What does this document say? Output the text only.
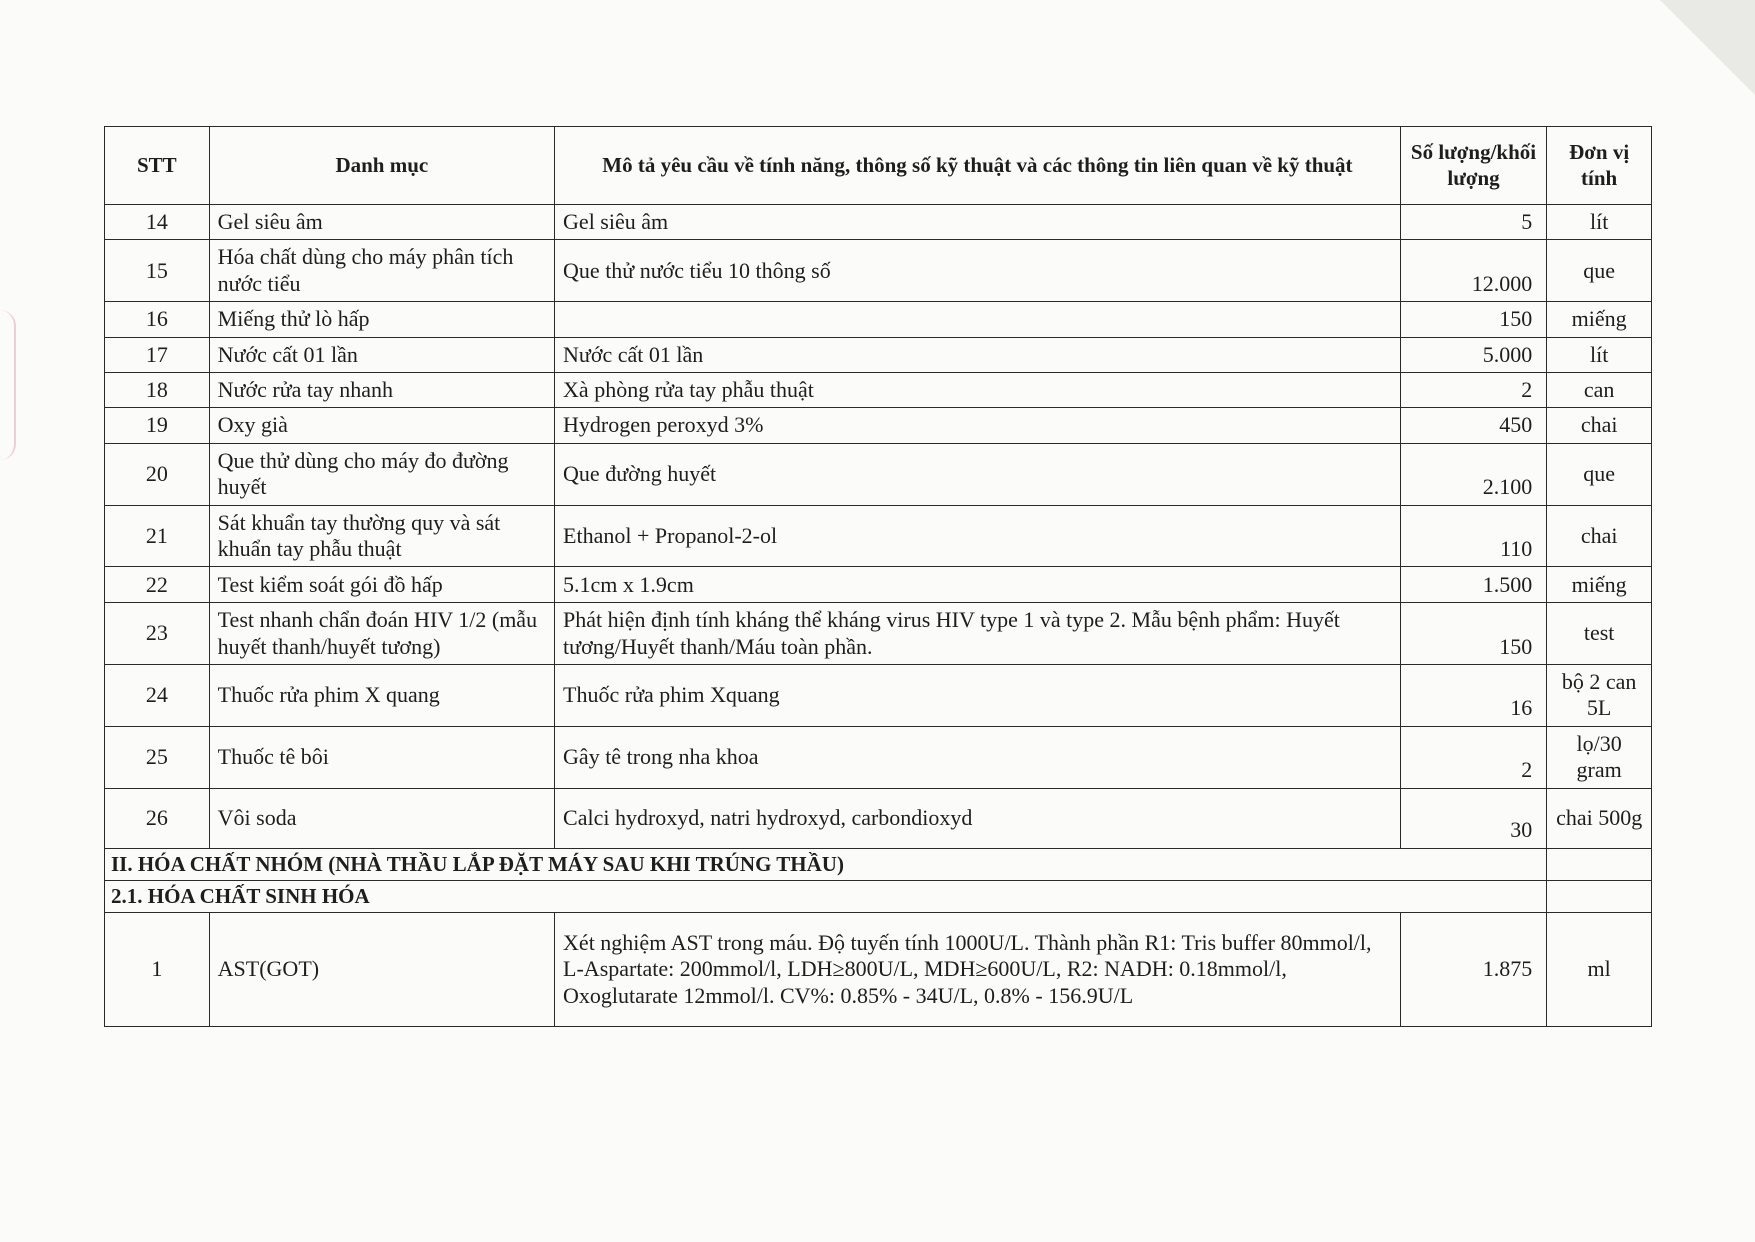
STT	Danh mục	Mô tả yêu cầu về tính năng, thông số kỹ thuật và các thông tin liên quan về kỹ thuật	Số lượng/khối lượng	Đơn vị tính
14	Gel siêu âm	Gel siêu âm	5	lít
15	Hóa chất dùng cho máy phân tích nước tiểu	Que thử nước tiểu 10 thông số	12.000	que
16	Miếng thử lò hấp		150	miếng
17	Nước cất 01 lần	Nước cất 01 lần	5.000	lít
18	Nước rửa tay nhanh	Xà phòng rửa tay phẫu thuật	2	can
19	Oxy già	Hydrogen peroxyd 3%	450	chai
20	Que thử dùng cho máy đo đường huyết	Que đường huyết	2.100	que
21	Sát khuẩn tay thường quy và sát khuẩn tay phẫu thuật	Ethanol + Propanol-2-ol	110	chai
22	Test kiểm soát gói đồ hấp	5.1cm x 1.9cm	1.500	miếng
23	Test nhanh chẩn đoán HIV 1/2 (mẫu huyết thanh/huyết tương)	Phát hiện định tính kháng thể kháng virus HIV type 1 và type 2. Mẫu bệnh phẩm: Huyết tương/Huyết thanh/Máu toàn phần.	150	test
24	Thuốc rửa phim X quang	Thuốc rửa phim Xquang	16	bộ 2 can 5L
25	Thuốc tê bôi	Gây tê trong nha khoa	2	lọ/30 gram
26	Vôi soda	Calci hydroxyd, natri hydroxyd, carbondioxyd	30	chai 500g
II. HÓA CHẤT NHÓM (NHÀ THẦU LẮP ĐẶT MÁY SAU KHI TRÚNG THẦU)				
2.1. HÓA CHẤT SINH HÓA				
1	AST(GOT)	Xét nghiệm AST trong máu. Độ tuyến tính 1000U/L. Thành phần R1: Tris buffer 80mmol/l, L-Aspartate: 200mmol/l, LDH≥800U/L, MDH≥600U/L, R2: NADH: 0.18mmol/l, Oxoglutarate 12mmol/l. CV%: 0.85% - 34U/L, 0.8% - 156.9U/L	1.875	ml
